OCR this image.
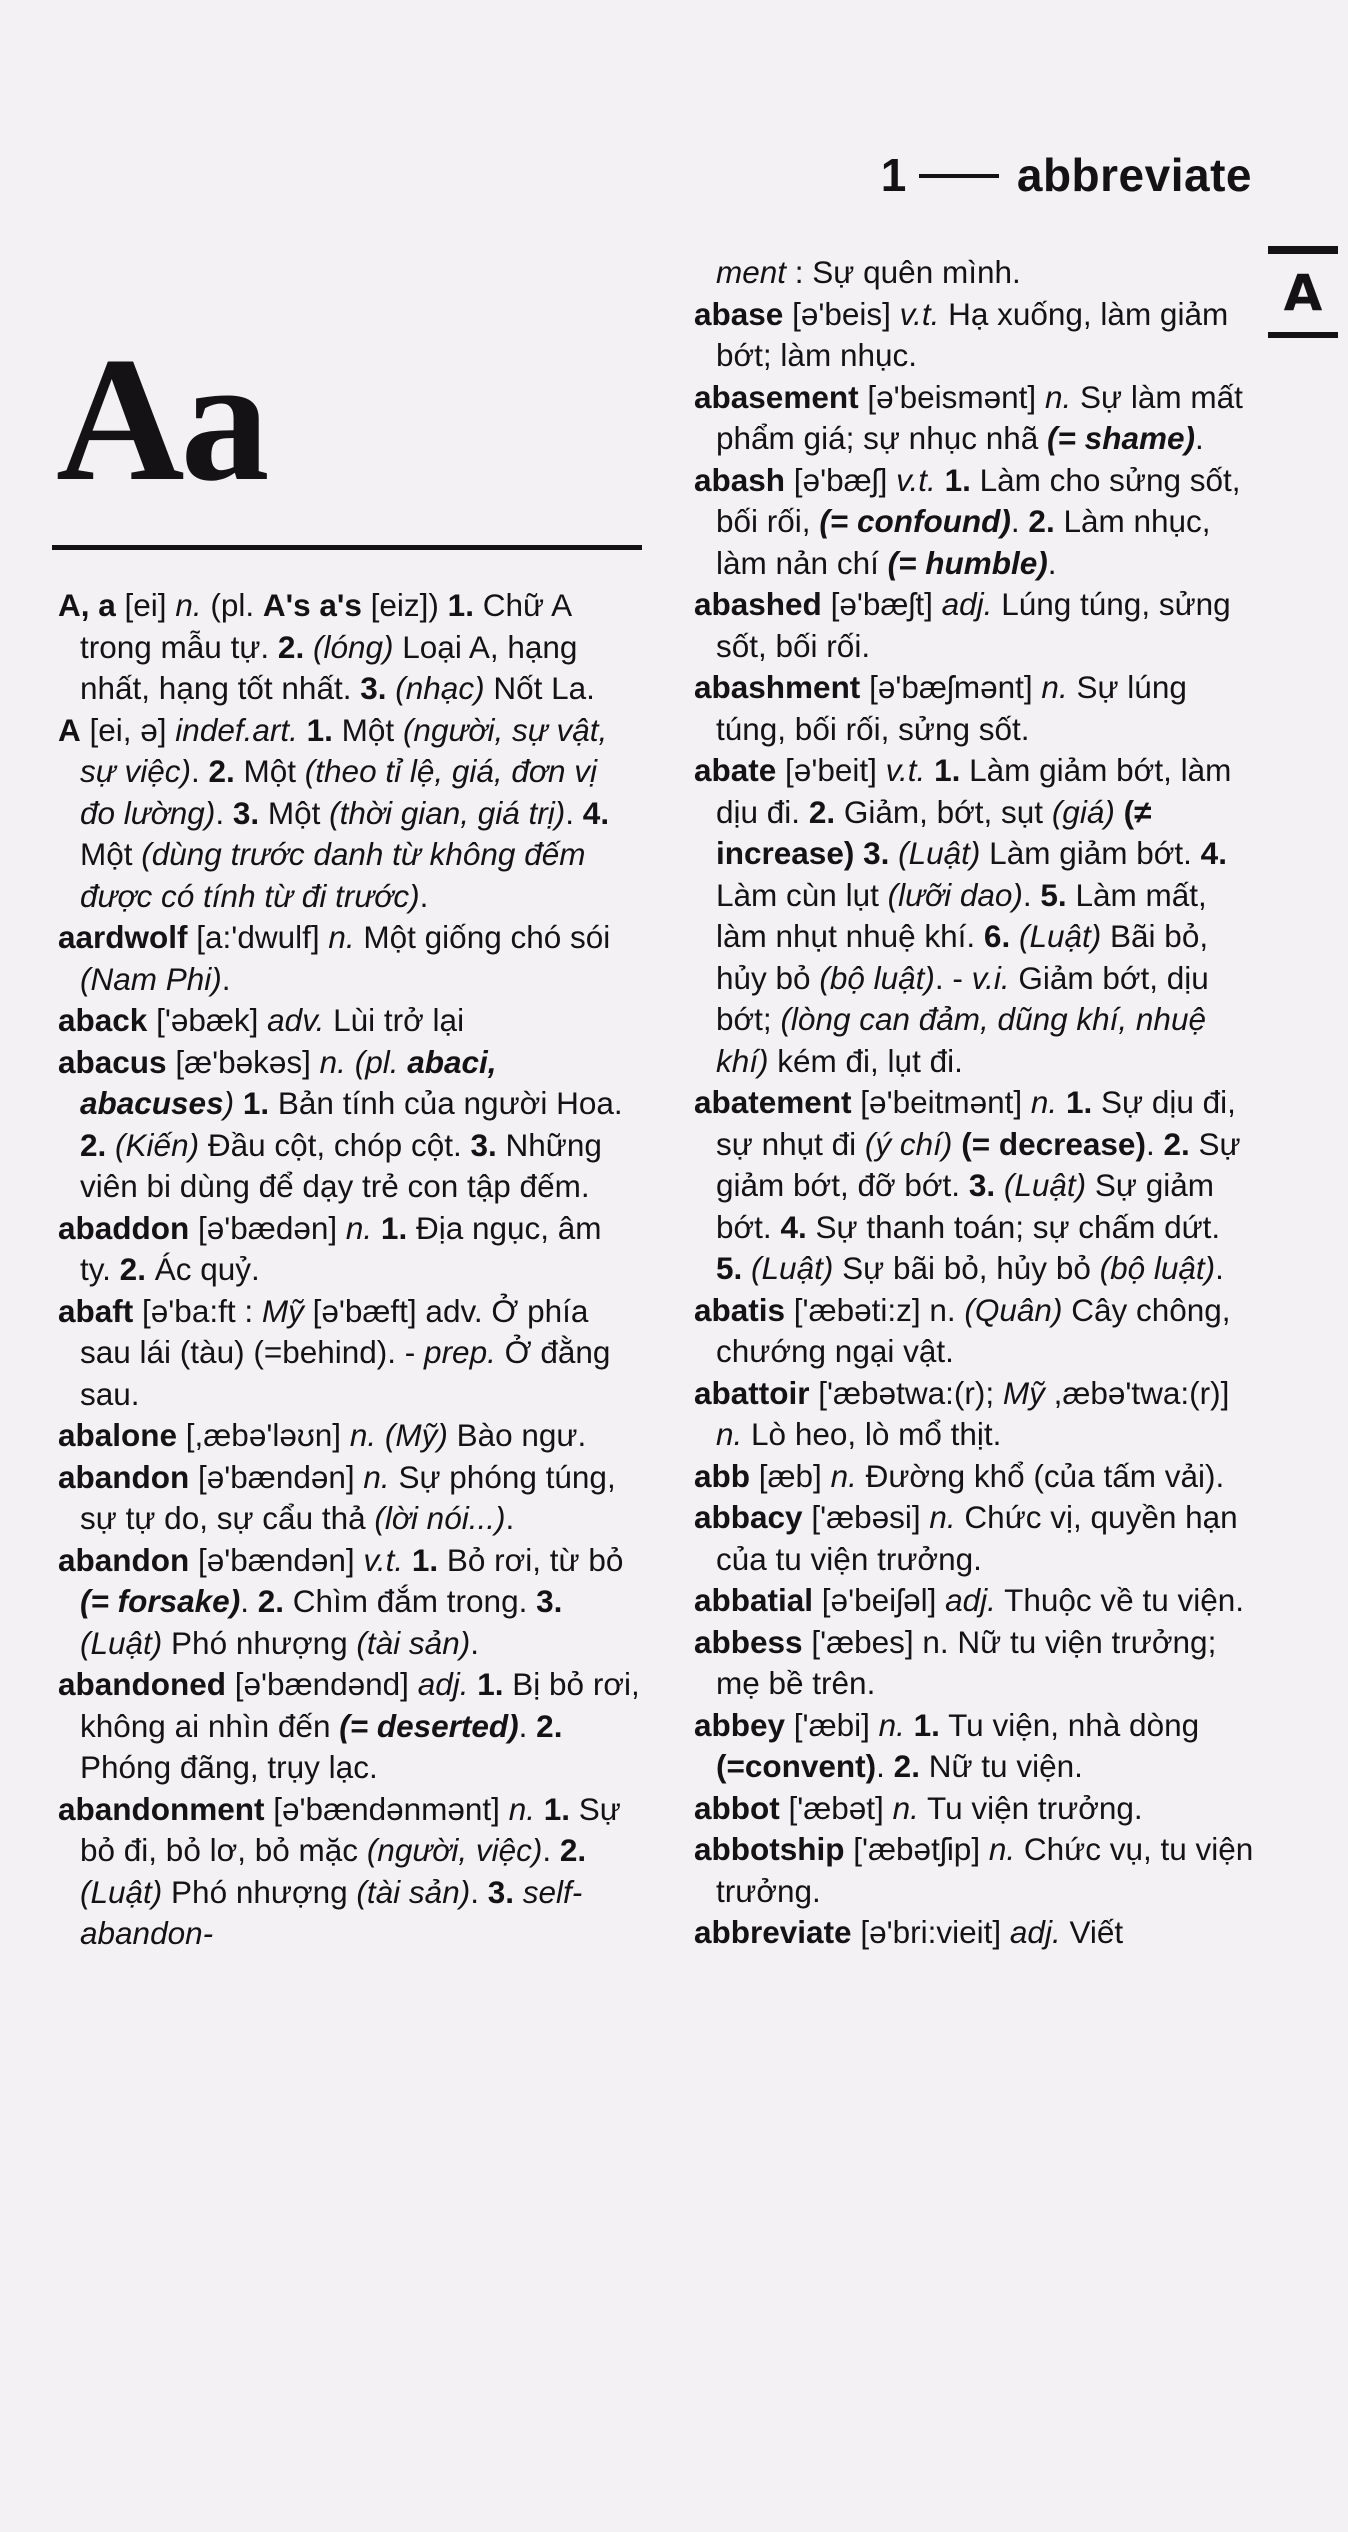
1 abbreviate
A
Aa
A, a [ei] n. (pl. A's a's [eiz]) 1. Chữ A trong mẫu tự. 2. (lóng) Loại A, hạng nhất, hạng tốt nhất. 3. (nhạc) Nốt La.
A [ei, ə] indef.art. 1. Một (người, sự vật, sự việc). 2. Một (theo tỉ lệ, giá, đơn vị đo lường). 3. Một (thời gian, giá trị). 4. Một (dùng trước danh từ không đếm được có tính từ đi trước).
aardwolf [a:'dwulf] n. Một giống chó sói (Nam Phi).
aback ['əbæk] adv. Lùi trở lại
abacus [æ'bəkəs] n. (pl. abaci, abacuses) 1. Bản tính của người Hoa. 2. (Kiến) Đầu cột, chóp cột. 3. Những viên bi dùng để dạy trẻ con tập đếm.
abaddon [ə'bædən] n. 1. Địa ngục, âm ty. 2. Ác quỷ.
abaft [ə'ba:ft : Mỹ [ə'bæft] adv. Ở phía sau lái (tàu) (=behind). - prep. Ở đằng sau.
abalone [,æbə'ləʊn] n. (Mỹ) Bào ngư.
abandon [ə'bændən] n. Sự phóng túng, sự tự do, sự cẩu thả (lời nói...).
abandon [ə'bændən] v.t. 1. Bỏ rơi, từ bỏ (= forsake). 2. Chìm đắm trong. 3. (Luật) Phó nhượng (tài sản).
abandoned [ə'bændənd] adj. 1. Bị bỏ rơi, không ai nhìn đến (= deserted). 2. Phóng đãng, trụy lạc.
abandonment [ə'bændənmənt] n. 1. Sự bỏ đi, bỏ lơ, bỏ mặc (người, việc). 2. (Luật) Phó nhượng (tài sản). 3. self-abandon-
ment : Sự quên mình.
abase [ə'beis] v.t. Hạ xuống, làm giảm bớt; làm nhục.
abasement [ə'beismənt] n. Sự làm mất phẩm giá; sự nhục nhã (= shame).
abash [ə'bæʃ] v.t. 1. Làm cho sửng sốt, bối rối, (= confound). 2. Làm nhục, làm nản chí (= humble).
abashed [ə'bæʃt] adj. Lúng túng, sửng sốt, bối rối.
abashment [ə'bæʃmənt] n. Sự lúng túng, bối rối, sửng sốt.
abate [ə'beit] v.t. 1. Làm giảm bớt, làm dịu đi. 2. Giảm, bớt, sụt (giá) (≠ increase) 3. (Luật) Làm giảm bớt. 4. Làm cùn lụt (lưỡi dao). 5. Làm mất, làm nhụt nhuệ khí. 6. (Luật) Bãi bỏ, hủy bỏ (bộ luật). - v.i. Giảm bớt, dịu bớt; (lòng can đảm, dũng khí, nhuệ khí) kém đi, lụt đi.
abatement [ə'beitmənt] n. 1. Sự dịu đi, sự nhụt đi (ý chí) (= decrease). 2. Sự giảm bớt, đỡ bớt. 3. (Luật) Sự giảm bớt. 4. Sự thanh toán; sự chấm dứt. 5. (Luật) Sự bãi bỏ, hủy bỏ (bộ luật).
abatis ['æbəti:z] n. (Quân) Cây chông, chướng ngại vật.
abattoir ['æbətwa:(r); Mỹ ,æbə'twa:(r)] n. Lò heo, lò mổ thịt.
abb [æb] n. Đường khổ (của tấm vải).
abbacy ['æbəsi] n. Chức vị, quyền hạn của tu viện trưởng.
abbatial [ə'beiʃəl] adj. Thuộc về tu viện.
abbess ['æbes] n. Nữ tu viện trưởng; mẹ bề trên.
abbey ['æbi] n. 1. Tu viện, nhà dòng (=convent). 2. Nữ tu viện.
abbot ['æbət] n. Tu viện trưởng.
abbotship ['æbətʃip] n. Chức vụ, tu viện trưởng.
abbreviate [ə'bri:vieit] adj. Viết
